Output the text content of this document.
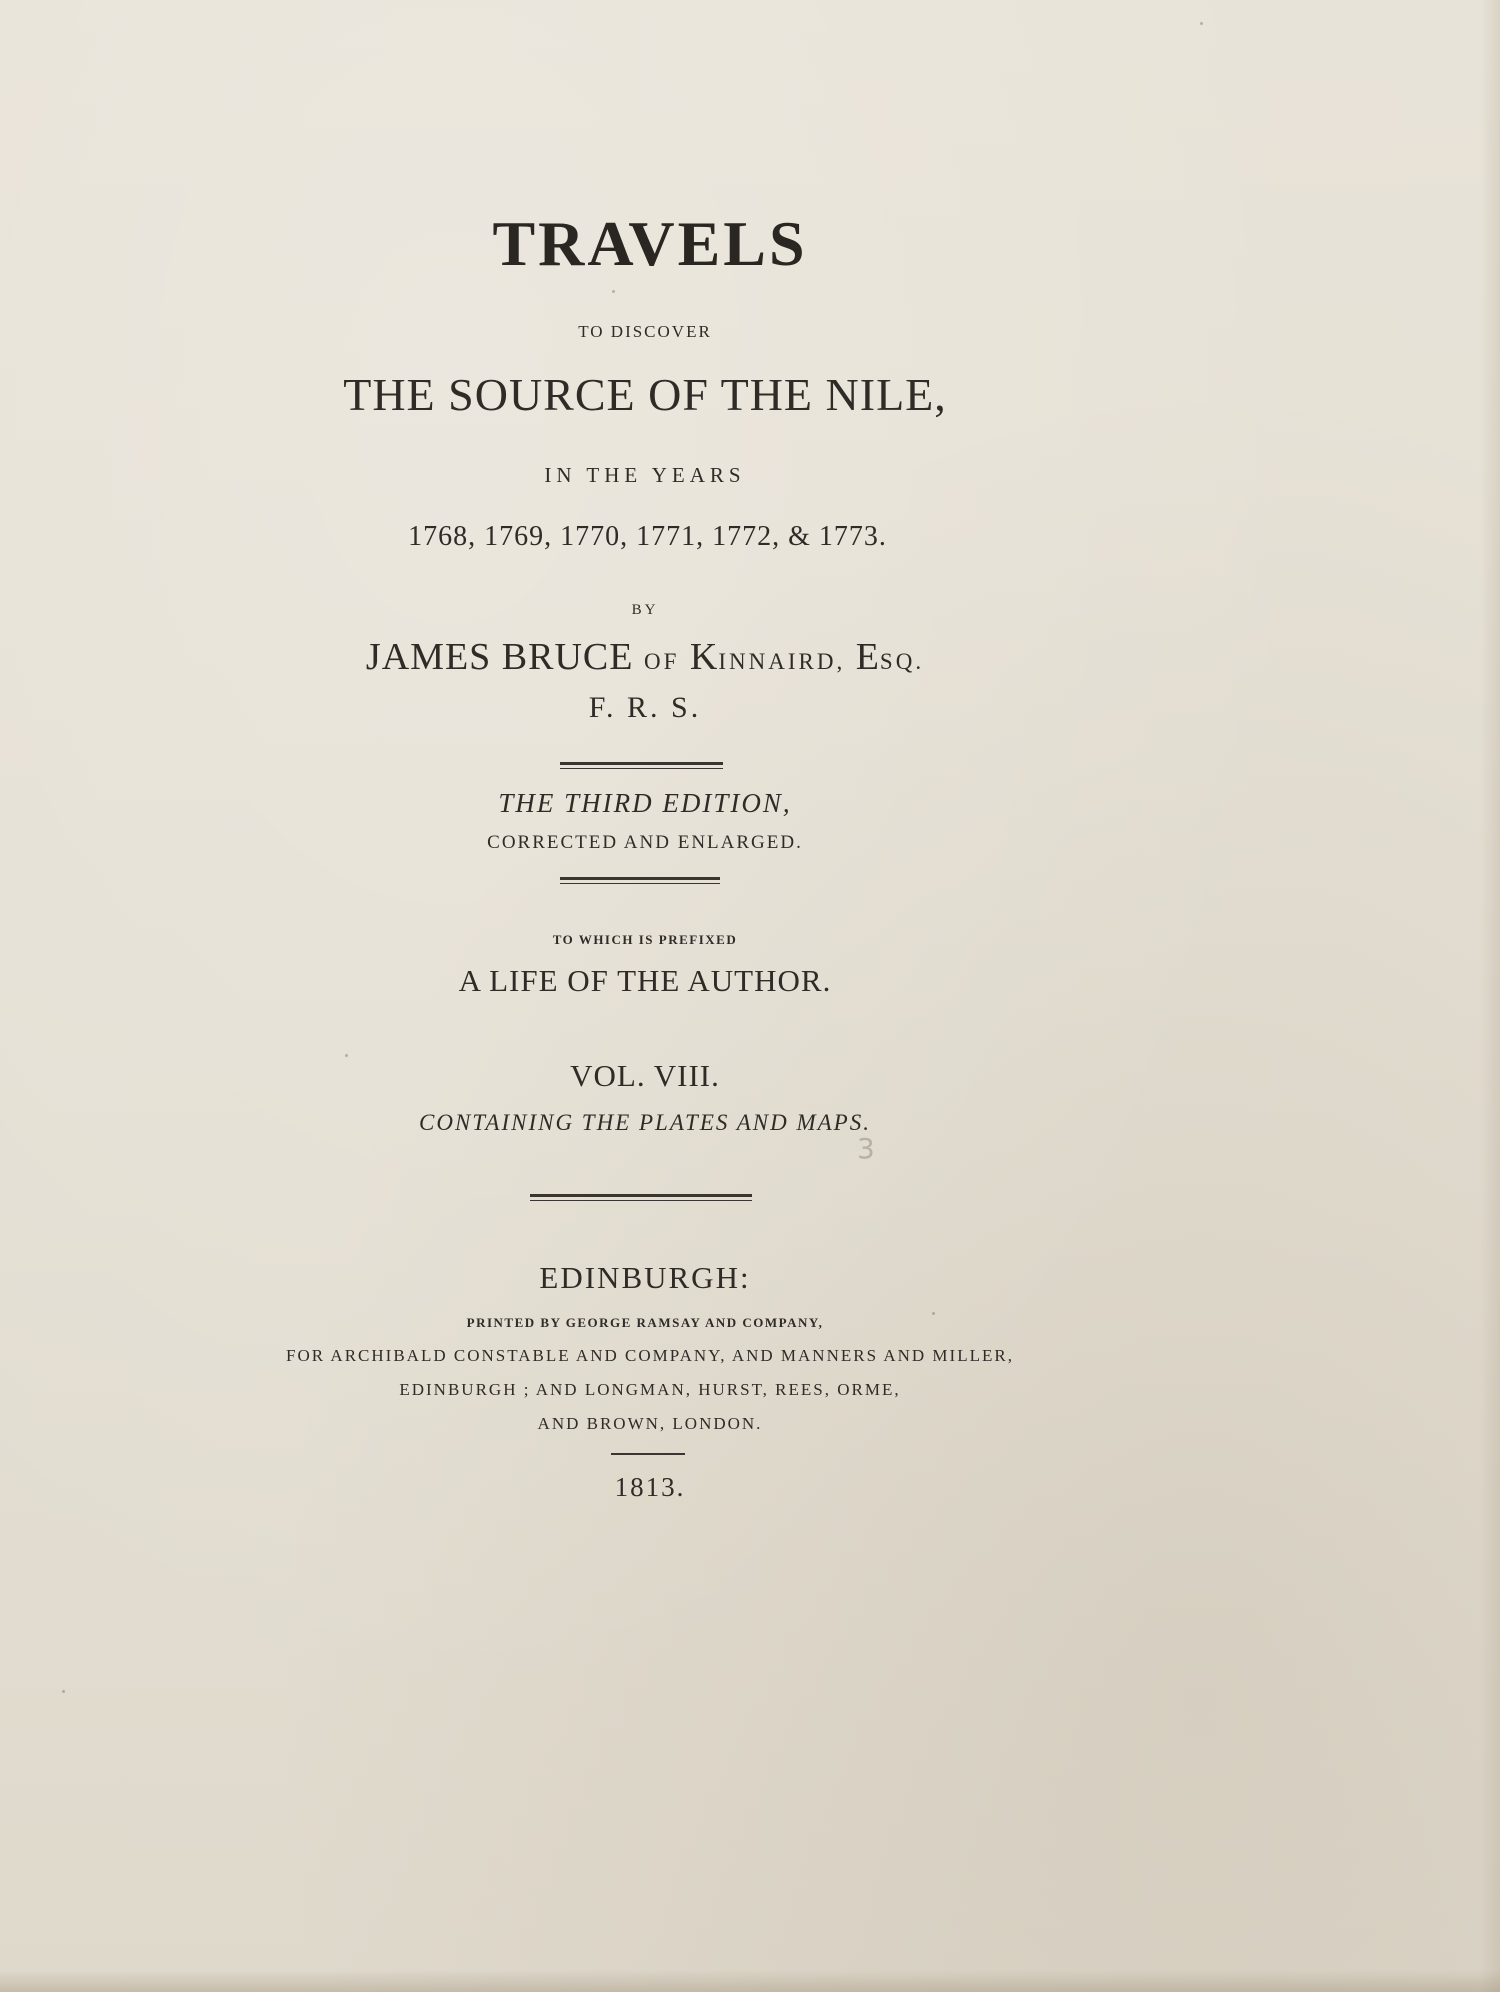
TRAVELS
TO DISCOVER
THE SOURCE OF THE NILE,
IN THE YEARS
1768, 1769, 1770, 1771, 1772, & 1773.
BY
JAMES BRUCE OF KINNAIRD, ESQ.
F. R. S.
THE THIRD EDITION,
CORRECTED AND ENLARGED.
TO WHICH IS PREFIXED
A LIFE OF THE AUTHOR.
VOL. VIII.
CONTAINING THE PLATES AND MAPS.
3
EDINBURGH:
PRINTED BY GEORGE RAMSAY AND COMPANY,
FOR ARCHIBALD CONSTABLE AND COMPANY, AND MANNERS AND MILLER,
EDINBURGH ; AND LONGMAN, HURST, REES, ORME,
AND BROWN, LONDON.
1813.
